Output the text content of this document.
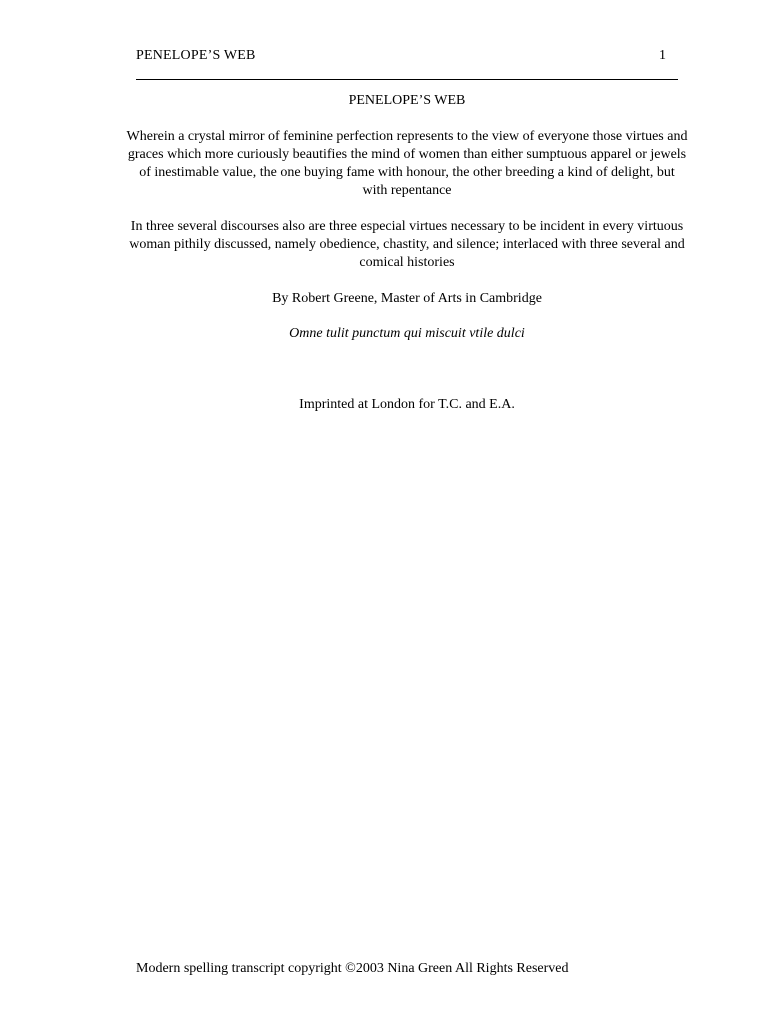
PENELOPE’S WEB	1

PENELOPE’S WEB

Wherein a crystal mirror of feminine perfection represents to the view of everyone those virtues and graces which more curiously beautifies the mind of women than either sumptuous apparel or jewels of inestimable value, the one buying fame with honour, the other breeding a kind of delight, but with repentance

In three several discourses also are three especial virtues necessary to be incident in every virtuous woman pithily discussed, namely obedience, chastity, and silence; interlaced with three several and comical histories

By Robert Greene, Master of Arts in Cambridge

Omne tulit punctum qui miscuit vtile dulci

Imprinted at London for T.C. and E.A.

Modern spelling transcript copyright ©2003 Nina Green All Rights Reserved
